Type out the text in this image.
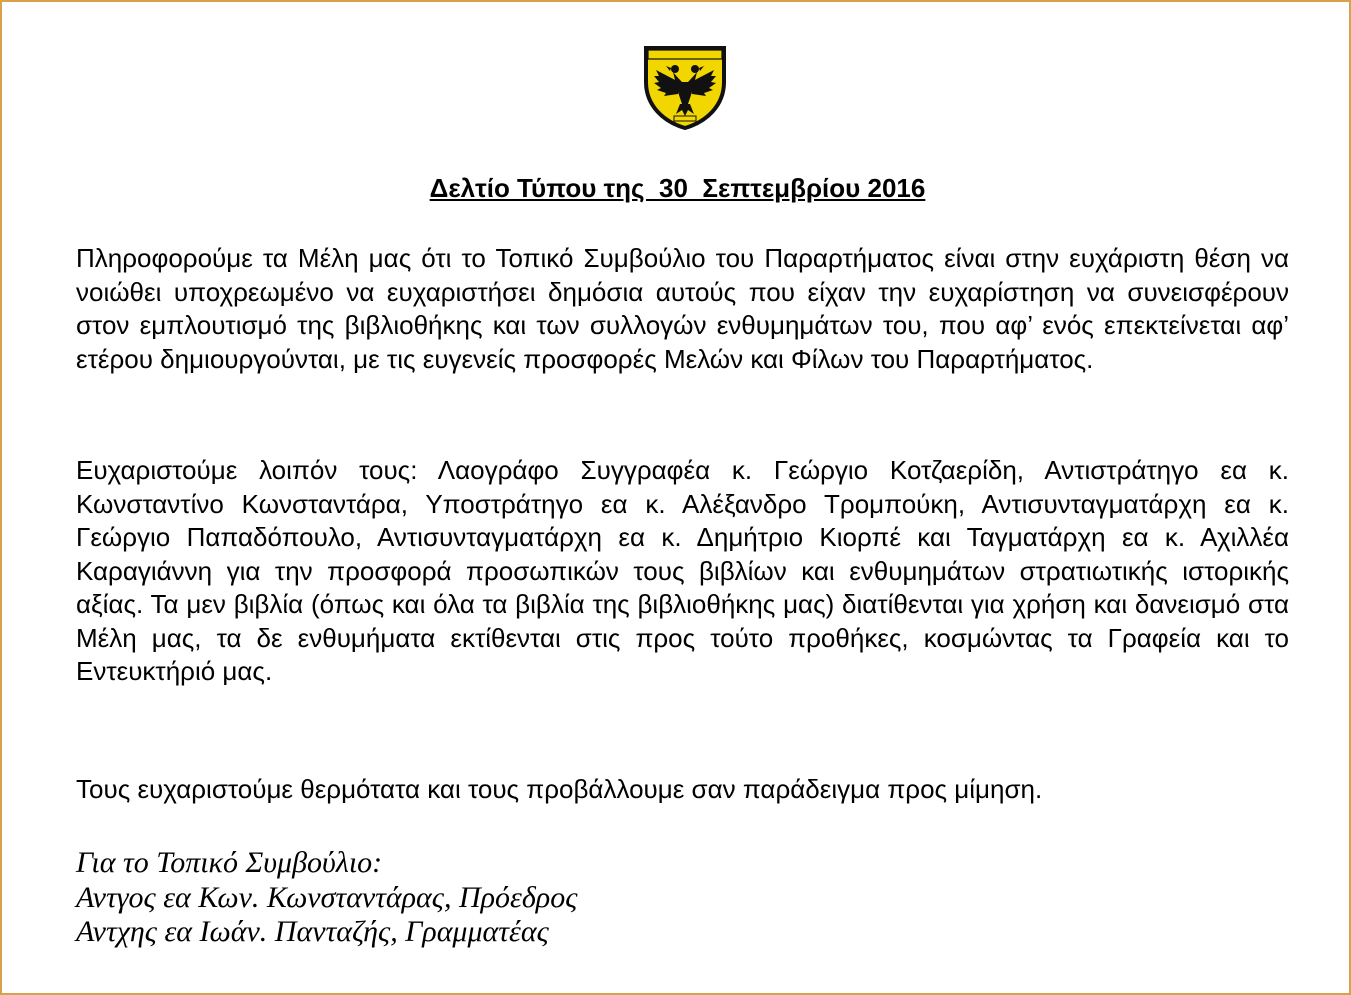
Δελτίο Τύπου της  30  Σεπτεμβρίου 2016

Πληροφορούμε τα Μέλη μας ότι το Τοπικό Συμβούλιο του Παραρτήματος είναι στην ευχάριστη θέση να νοιώθει υποχρεωμένο να ευχαριστήσει δημόσια αυτούς που είχαν την ευχαρίστηση να συνεισφέρουν στον εμπλουτισμό της βιβλιοθήκης και των συλλογών ενθυμημάτων του, που αφ’ ενός επεκτείνεται αφ’ ετέρου δημιουργούνται, με τις ευγενείς προσφορές Μελών και Φίλων του Παραρτήματος.

Ευχαριστούμε λοιπόν τους: Λαογράφο Συγγραφέα κ. Γεώργιο Κοτζαερίδη, Αντιστράτηγο εα κ. Κωνσταντίνο Κωνσταντάρα, Υποστράτηγο εα κ. Αλέξανδρο Τρομπούκη, Αντισυνταγματάρχη εα κ. Γεώργιο Παπαδόπουλο, Αντισυνταγματάρχη εα κ. Δημήτριο Κιορπέ και Ταγματάρχη εα κ. Αχιλλέα Καραγιάννη για την προσφορά προσωπικών τους βιβλίων και ενθυμημάτων στρατιωτικής ιστορικής αξίας. Τα μεν βιβλία (όπως και όλα τα βιβλία της βιβλιοθήκης μας) διατίθενται για χρήση και δανεισμό στα Μέλη μας, τα δε ενθυμήματα εκτίθενται στις προς τούτο προθήκες, κοσμώντας τα Γραφεία και το Εντευκτήριό μας.

Τους ευχαριστούμε θερμότατα και τους προβάλλουμε σαν παράδειγμα προς μίμηση.

Για το Τοπικό Συμβούλιο:
Αντγος εα Κων. Κωνσταντάρας, Πρόεδρος
Αντχης εα Ιωάν. Πανταζής, Γραμματέας
